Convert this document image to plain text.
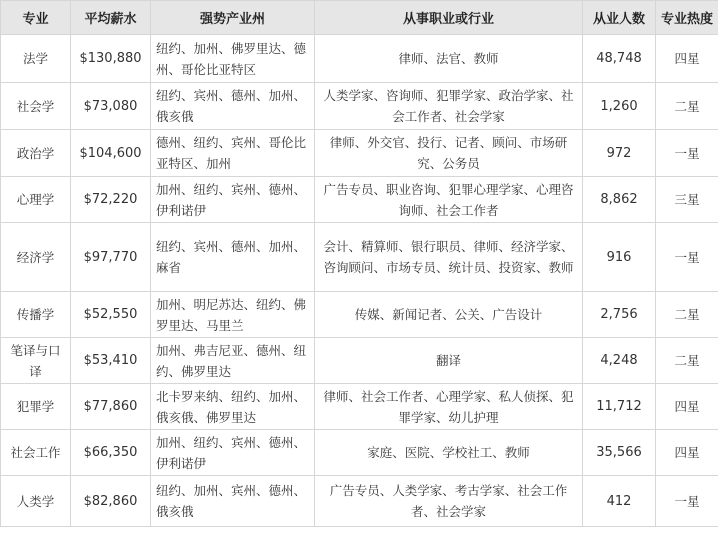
专业	平均薪水	强势产业州	从事职业或行业	从业人数	专业热度
法学	$130,880	纽约、加州、佛罗里达、德州、哥伦比亚特区	律师、法官、教师	48,748	四星
社会学	$73,080	纽约、宾州、德州、加州、俄亥俄	人类学家、咨询师、犯罪学家、政治学家、社会工作者、社会学家	1,260	二星
政治学	$104,600	德州、纽约、宾州、哥伦比亚特区、加州	律师、外交官、投行、记者、顾问、市场研究、公务员	972	一星
心理学	$72,220	加州、纽约、宾州、德州、伊利诺伊	广告专员、职业咨询、犯罪心理学家、心理咨询师、社会工作者	8,862	三星
经济学	$97,770	纽约、宾州、德州、加州、麻省	会计、精算师、银行职员、律师、经济学家、咨询顾问、市场专员、统计员、投资家、教师	916	一星
传播学	$52,550	加州、明尼苏达、纽约、佛罗里达、马里兰	传媒、新闻记者、公关、广告设计	2,756	二星
笔译与口译	$53,410	加州、弗吉尼亚、德州、纽约、佛罗里达	翻译	4,248	二星
犯罪学	$77,860	北卡罗来纳、纽约、加州、俄亥俄、佛罗里达	律师、社会工作者、心理学家、私人侦探、犯罪学家、幼儿护理	11,712	四星
社会工作	$66,350	加州、纽约、宾州、德州、伊利诺伊	家庭、医院、学校社工、教师	35,566	四星
人类学	$82,860	纽约、加州、宾州、德州、俄亥俄	广告专员、人类学家、考古学家、社会工作者、社会学家	412	一星
